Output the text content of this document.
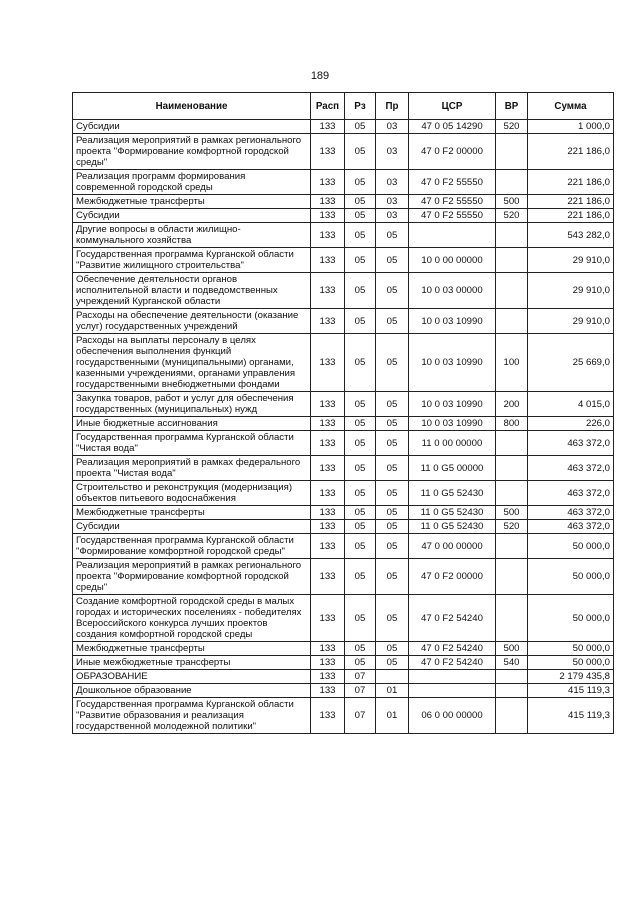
189
Наименование	Расп	Рз	Пр	ЦСР	ВР	Сумма
Субсидии	133	05	03	47 0 05 14290	520	1 000,0
Реализация мероприятий в рамках регионального проекта "Формирование комфортной городской среды"	133	05	03	47 0 F2 00000		221 186,0
Реализация программ формирования современной городской среды	133	05	03	47 0 F2 55550		221 186,0
Межбюджетные трансферты	133	05	03	47 0 F2 55550	500	221 186,0
Субсидии	133	05	03	47 0 F2 55550	520	221 186,0
Другие вопросы в области жилищно-коммунального хозяйства	133	05	05			543 282,0
Государственная программа Курганской области "Развитие жилищного строительства"	133	05	05	10 0 00 00000		29 910,0
Обеспечение деятельности органов исполнительной власти и подведомственных учреждений Курганской области	133	05	05	10 0 03 00000		29 910,0
Расходы на обеспечение деятельности (оказание услуг) государственных учреждений	133	05	05	10 0 03 10990		29 910,0
Расходы на выплаты персоналу в целях обеспечения выполнения функций государственными (муниципальными) органами, казенными учреждениями, органами управления государственными внебюджетными фондами	133	05	05	10 0 03 10990	100	25 669,0
Закупка товаров, работ и услуг для обеспечения государственных (муниципальных) нужд	133	05	05	10 0 03 10990	200	4 015,0
Иные бюджетные ассигнования	133	05	05	10 0 03 10990	800	226,0
Государственная программа Курганской области "Чистая вода"	133	05	05	11 0 00 00000		463 372,0
Реализация мероприятий в рамках федерального проекта "Чистая вода"	133	05	05	11 0 G5 00000		463 372,0
Строительство и реконструкция (модернизация) объектов питьевого водоснабжения	133	05	05	11 0 G5 52430		463 372,0
Межбюджетные трансферты	133	05	05	11 0 G5 52430	500	463 372,0
Субсидии	133	05	05	11 0 G5 52430	520	463 372,0
Государственная программа Курганской области "Формирование комфортной городской среды"	133	05	05	47 0 00 00000		50 000,0
Реализация мероприятий в рамках регионального проекта "Формирование комфортной городской среды"	133	05	05	47 0 F2 00000		50 000,0
Создание комфортной городской среды в малых городах и исторических поселениях - победителях Всероссийского конкурса лучших проектов создания комфортной городской среды	133	05	05	47 0 F2 54240		50 000,0
Межбюджетные трансферты	133	05	05	47 0 F2 54240	500	50 000,0
Иные межбюджетные трансферты	133	05	05	47 0 F2 54240	540	50 000,0
ОБРАЗОВАНИЕ	133	07				2 179 435,8
Дошкольное образование	133	07	01			415 119,3
Государственная программа Курганской области "Развитие образования и реализация государственной молодежной политики"	133	07	01	06 0 00 00000		415 119,3
